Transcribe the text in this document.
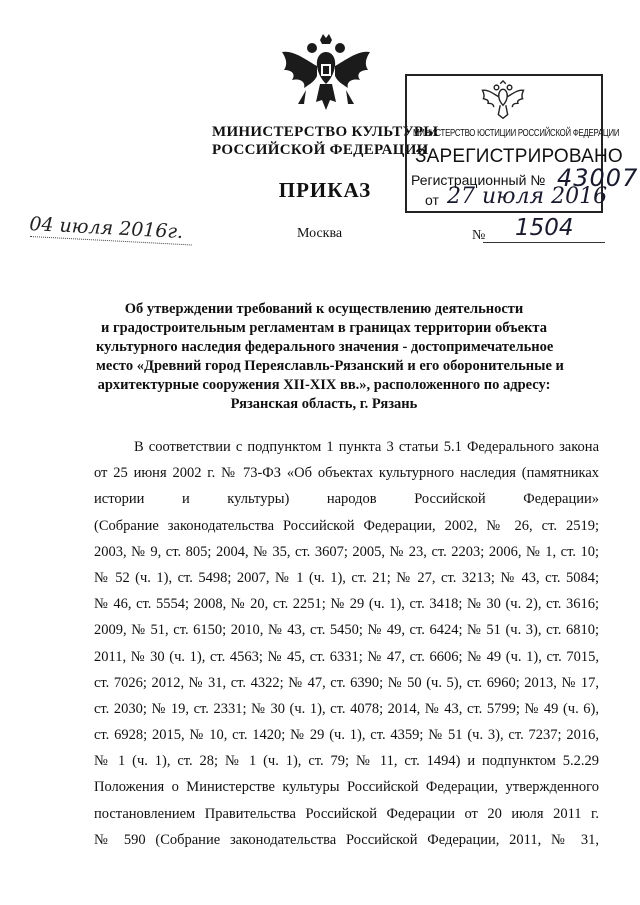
МИНИСТЕРСТВО КУЛЬТУРЫ
РОССИЙСКОЙ ФЕДЕРАЦИИ
МИНИСТЕРСТВО ЮСТИЦИИ РОССИЙСКОЙ ФЕДЕРАЦИИ
ЗАРЕГИСТРИРОВАНО
Регистрационный № 43007
от 27 июля 2016
ПРИКАЗ
04 июля 2016г.	Москва	№ 1504
Об утверждении требований к осуществлению деятельности
и градостроительным регламентам в границах территории объекта
культурного наследия федерального значения - достопримечательное
место «Древний город Переяславль-Рязанский и его оборонительные и
архитектурные сооружения XII-XIX вв.», расположенного по адресу:
Рязанская область, г. Рязань
В соответствии с подпунктом 1 пункта 3 статьи 5.1 Федерального закона
от 25 июня 2002 г. № 73-ФЗ «Об объектах культурного наследия (памятниках
истории и культуры) народов Российской Федерации»
(Собрание законодательства Российской Федерации, 2002, № 26, ст. 2519;
2003, № 9, ст. 805; 2004, № 35, ст. 3607; 2005, № 23, ст. 2203; 2006, № 1, ст. 10;
№ 52 (ч. 1), ст. 5498; 2007, № 1 (ч. 1), ст. 21; № 27, ст. 3213; № 43, ст. 5084;
№ 46, ст. 5554; 2008, № 20, ст. 2251; № 29 (ч. 1), ст. 3418; № 30 (ч. 2), ст. 3616;
2009, № 51, ст. 6150; 2010, № 43, ст. 5450; № 49, ст. 6424; № 51 (ч. 3), ст. 6810;
2011, № 30 (ч. 1), ст. 4563; № 45, ст. 6331; № 47, ст. 6606; № 49 (ч. 1), ст. 7015,
ст. 7026; 2012, № 31, ст. 4322; № 47, ст. 6390; № 50 (ч. 5), ст. 6960; 2013, № 17,
ст. 2030; № 19, ст. 2331; № 30 (ч. 1), ст. 4078; 2014, № 43, ст. 5799; № 49 (ч. 6),
ст. 6928; 2015, № 10, ст. 1420; № 29 (ч. 1), ст. 4359; № 51 (ч. 3), ст. 7237; 2016,
№ 1 (ч. 1), ст. 28; № 1 (ч. 1), ст. 79; № 11, ст. 1494) и подпунктом 5.2.29
Положения о Министерстве культуры Российской Федерации, утвержденного
постановлением Правительства Российской Федерации от 20 июля 2011 г.
№ 590 (Собрание законодательства Российской Федерации, 2011, № 31,
